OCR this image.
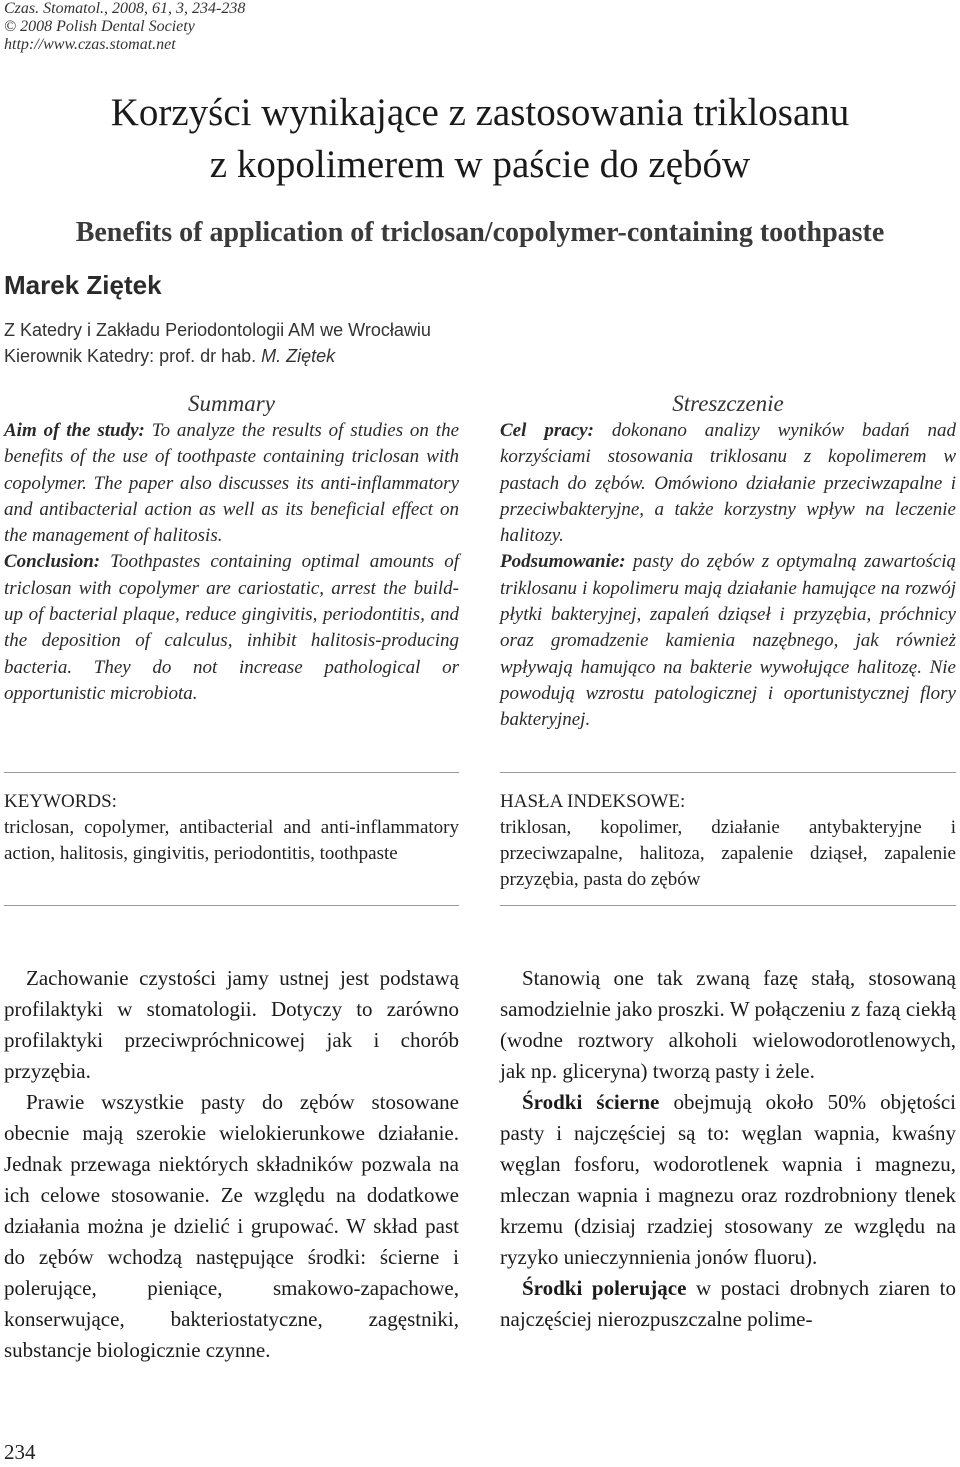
Czas. Stomatol., 2008, 61, 3, 234-238
© 2008 Polish Dental Society
http://www.czas.stomat.net
Korzyści wynikające z zastosowania triklosanu
z kopolimerem w paście do zębów
Benefits of application of triclosan/copolymer-containing toothpaste
Marek Ziętek
Z Katedry i Zakładu Periodontologii AM we Wrocławiu
Kierownik Katedry: prof. dr hab. M. Ziętek
Summary

Aim of the study: To analyze the results of studies on the benefits of the use of toothpaste containing triclosan with copolymer. The paper also discusses its anti-inflammatory and antibacterial action as well as its beneficial effect on the management of halitosis.

Conclusion: Toothpastes containing optimal amounts of triclosan with copolymer are cariostatic, arrest the build-up of bacterial plaque, reduce gingivitis, periodontitis, and the deposition of calculus, inhibit halitosis-producing bacteria. They do not increase pathological or opportunistic microbiota.

Streszczenie

Cel pracy: dokonano analizy wyników badań nad korzyściami stosowania triklosanu z kopolimerem w pastach do zębów. Omówiono działanie przeciwzapalne i przeciwbakteryjne, a także korzystny wpływ na leczenie halitozy.

Podsumowanie: pasty do zębów z optymalną zawartością triklosanu i kopolimeru mają działanie hamujące na rozwój płytki bakteryjnej, zapaleń dziąseł i przyzębia, próchnicy oraz gromadzenie kamienia nazębnego, jak również wpływają hamująco na bakterie wywołujące halitozę. Nie powodują wzrostu patologicznej i oportunistycznej flory bakteryjnej.

KEYWORDS:
triclosan, copolymer, antibacterial and anti-inflammatory action, halitosis, gingivitis, periodontitis, toothpaste
HASŁA INDEKSOWE:
triklosan, kopolimer, działanie antybakteryjne i przeciwzapalne, halitoza, zapalenie dziąseł, zapalenie przyzębia, pasta do zębów

Zachowanie czystości jamy ustnej jest podstawą profilaktyki w stomatologii. Dotyczy to zarówno profilaktyki przeciwpróchnicowej jak i chorób przyzębia.

Prawie wszystkie pasty do zębów stosowane obecnie mają szerokie wielokierunkowe działanie. Jednak przewaga niektórych składników pozwala na ich celowe stosowanie. Ze względu na dodatkowe działania można je dzielić i grupować. W skład past do zębów wchodzą następujące środki: ścierne i polerujące, pieniące, smakowo-zapachowe, konserwujące, bakteriostatyczne, zagęstniki, substancje biologicznie czynne.

Stanowią one tak zwaną fazę stałą, stosowaną samodzielnie jako proszki. W połączeniu z fazą ciekłą (wodne roztwory alkoholi wielowodorotlenowych, jak np. gliceryna) tworzą pasty i żele.

Środki ścierne obejmują około 50% objętości pasty i najczęściej są to: węglan wapnia, kwaśny węglan fosforu, wodorotlenek wapnia i magnezu, mleczan wapnia i magnezu oraz rozdrobniony tlenek krzemu (dzisiaj rzadziej stosowany ze względu na ryzyko unieczynnienia jonów fluoru).

Środki polerujące w postaci drobnych ziaren to najczęściej nierozpuszczalne polime-

234
